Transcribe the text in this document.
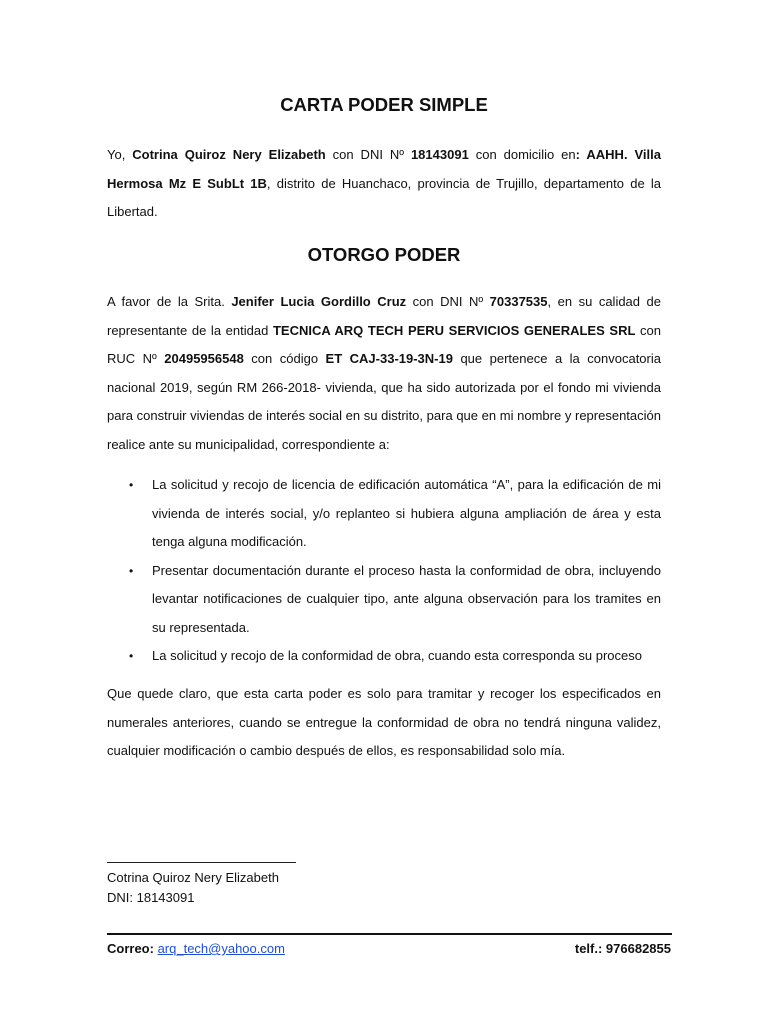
CARTA PODER SIMPLE

Yo, Cotrina Quiroz Nery Elizabeth con DNI Nº 18143091 con domicilio en: AAHH. Villa Hermosa Mz E SubLt 1B, distrito de Huanchaco, provincia de Trujillo, departamento de la Libertad.

OTORGO PODER

A favor de la Srita. Jenifer Lucia Gordillo Cruz con DNI Nº 70337535, en su calidad de representante de la entidad TECNICA ARQ TECH PERU SERVICIOS GENERALES SRL con RUC Nº 20495956548 con código ET CAJ-33-19-3N-19 que pertenece a la convocatoria nacional 2019, según RM 266-2018- vivienda, que ha sido autorizada por el fondo mi vivienda para construir viviendas de interés social en su distrito, para que en mi nombre y representación realice ante su municipalidad, correspondiente a:

• La solicitud y recojo de licencia de edificación automática “A”, para la edificación de mi vivienda de interés social, y/o replanteo si hubiera alguna ampliación de área y esta tenga alguna modificación.
• Presentar documentación durante el proceso hasta la conformidad de obra, incluyendo levantar notificaciones de cualquier tipo, ante alguna observación para los tramites en su representada.
• La solicitud y recojo de la conformidad de obra, cuando esta corresponda su proceso

Que quede claro, que esta carta poder es solo para tramitar y recoger los especificados en numerales anteriores, cuando se entregue la conformidad de obra no tendrá ninguna validez, cualquier modificación o cambio después de ellos, es responsabilidad solo mía.

Cotrina Quiroz Nery Elizabeth

DNI: 18143091

Correo: arq_tech@yahoo.com	telf.: 976682855
